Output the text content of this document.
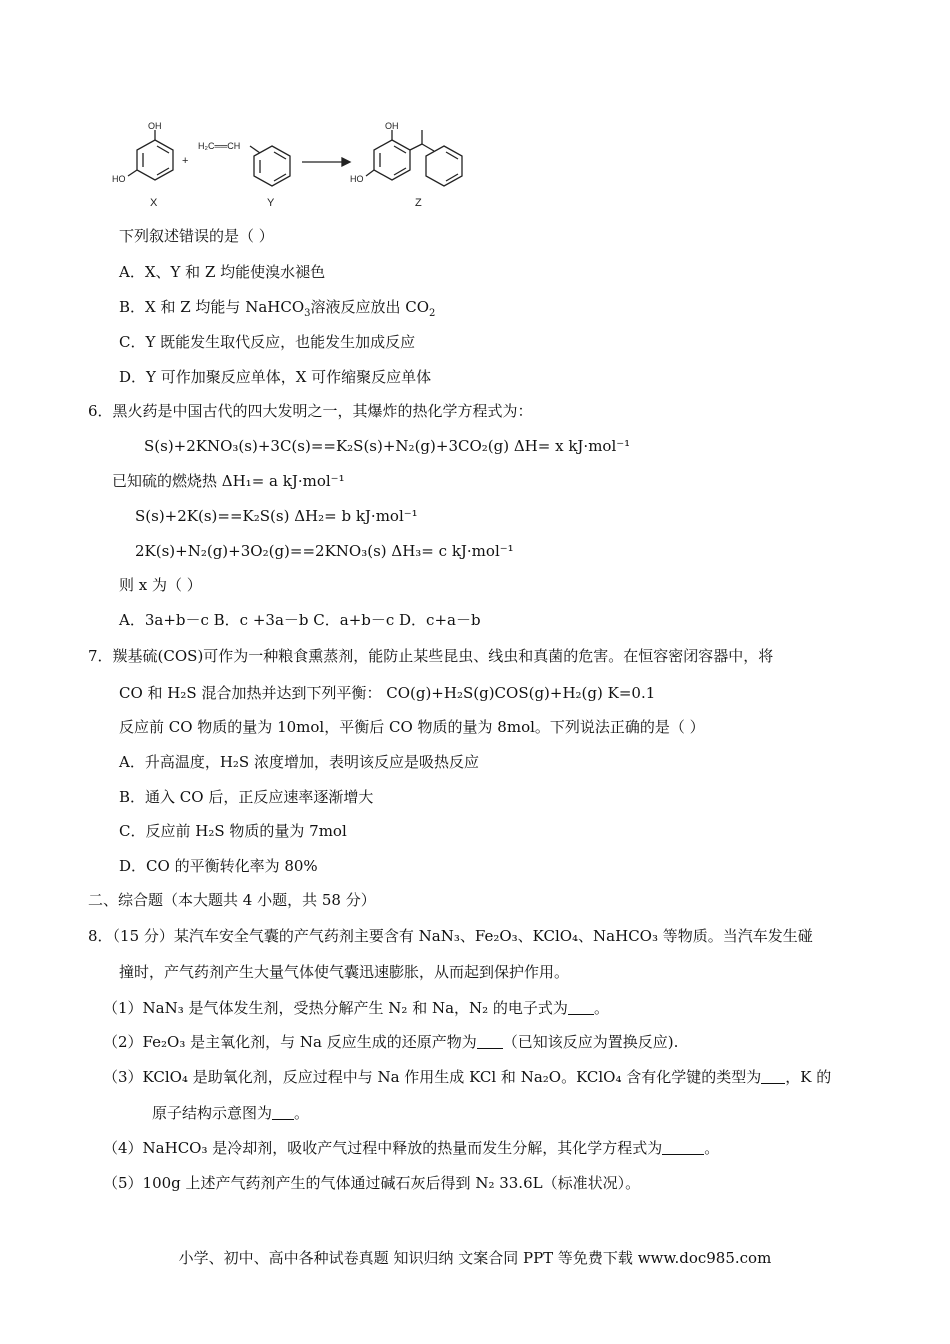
OH
HO
X
+
H₂C══CH
Y
OH
HO
Z
下列叙述错误的是（ ）
A．X、Y 和 Z 均能使溴水褪色
B．X 和 Z 均能与 NaHCO$_3$溶液反应放出 $CO_2$
C．Y 既能发生取代反应，也能发生加成反应
D．Y 可作加聚反应单体，X 可作缩聚反应单体
6．黑火药是中国古代的四大发明之一，其爆炸的热化学方程式为：
S(s)+2KNO₃(s)+3C(s)==K₂S(s)+N₂(g)+3CO₂(g) ΔH= x kJ·mol⁻¹
已知硫的燃烧热 ΔH₁= a kJ·mol⁻¹
S(s)+2K(s)==K₂S(s) ΔH₂= b kJ·mol⁻¹
2K(s)+N₂(g)+3O₂(g)==2KNO₃(s) ΔH₃= c kJ·mol⁻¹
则 x 为（ ）
A．3a+b－c B．c +3a－b C．a+b－c D．c+a－b
7．羰基硫(COS)可作为一种粮食熏蒸剂，能防止某些昆虫、线虫和真菌的危害。在恒容密闭容器中，将
CO 和 H₂S 混合加热并达到下列平衡： CO(g)+H₂S(g)COS(g)+H₂(g) K=0.1
反应前 CO 物质的量为 10mol，平衡后 CO 物质的量为 8mol。下列说法正确的是（ ）
A．升高温度，H₂S 浓度增加，表明该反应是吸热反应
B．通入 CO 后，正反应速率逐渐增大
C．反应前 H₂S 物质的量为 7mol
D．CO 的平衡转化率为 80%
二、综合题（本大题共 4 小题，共 58 分）
8．（15 分）某汽车安全气囊的产气药剂主要含有 NaN₃、Fe₂O₃、KClO₄、NaHCO₃ 等物质。当汽车发生碰
撞时，产气药剂产生大量气体使气囊迅速膨胀，从而起到保护作用。
（1）NaN₃ 是气体发生剂，受热分解产生 N₂ 和 Na，N₂ 的电子式为 。
（2）Fe₂O₃ 是主氧化剂，与 Na 反应生成的还原产物为 （已知该反应为置换反应).
（3）KClO₄ 是助氧化剂，反应过程中与 Na 作用生成 KCl 和 Na₂O。KClO₄ 含有化学键的类型为 ，K 的
原子结构示意图为 。
（4）NaHCO₃ 是冷却剂，吸收产气过程中释放的热量而发生分解，其化学方程式为	。
（5）100g 上述产气药剂产生的气体通过碱石灰后得到 N₂ 33.6L（标准状况）。
小学、初中、高中各种试卷真题 知识归纳 文案合同 PPT 等免费下载 www.doc985.com
